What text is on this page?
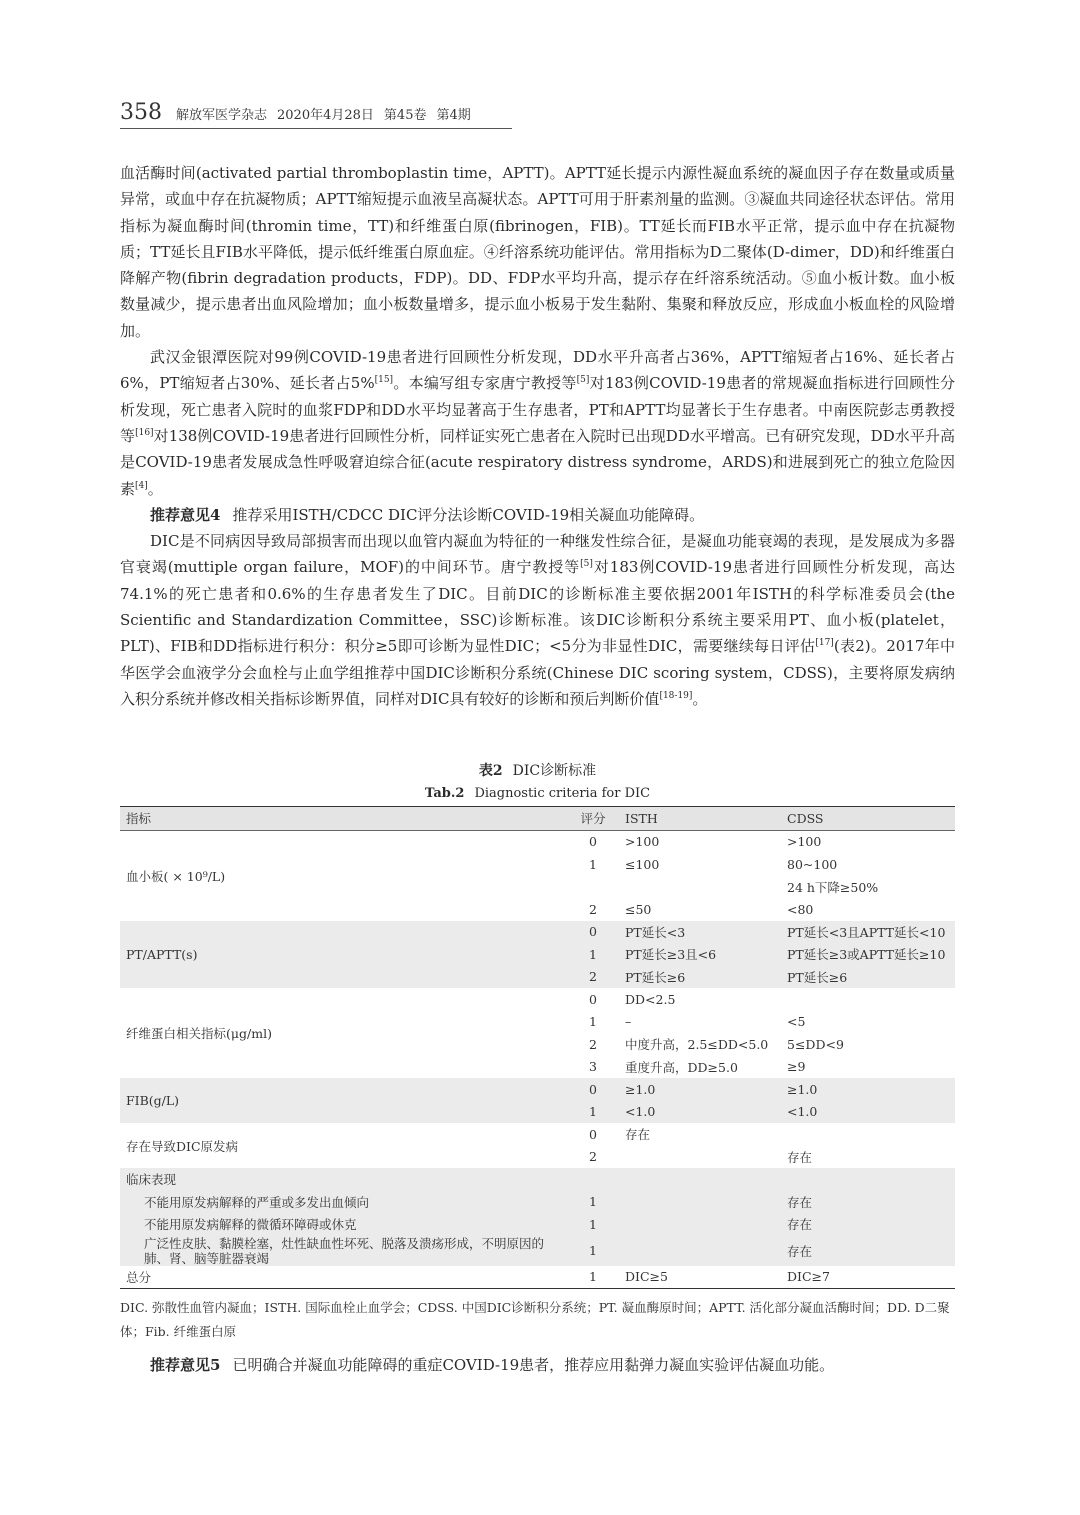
358 解放军医学杂志 2020年4月28日 第45卷 第4期

血活酶时间(activated partial thromboplastin time，APTT)。APTT延长提示内源性凝血系统的凝血因子存在数量或质量异常，或血中存在抗凝物质；APTT缩短提示血液呈高凝状态。APTT可用于肝素剂量的监测。③凝血共同途径状态评估。常用指标为凝血酶时间(thromin time，TT)和纤维蛋白原(fibrinogen，FIB)。TT延长而FIB水平正常，提示血中存在抗凝物质；TT延长且FIB水平降低，提示低纤维蛋白原血症。④纤溶系统功能评估。常用指标为D二聚体(D-dimer，DD)和纤维蛋白降解产物(fibrin degradation products，FDP)。DD、FDP水平均升高，提示存在纤溶系统活动。⑤血小板计数。血小板数量减少，提示患者出血风险增加；血小板数量增多，提示血小板易于发生黏附、集聚和释放反应，形成血小板血栓的风险增加。

武汉金银潭医院对99例COVID-19患者进行回顾性分析发现，DD水平升高者占36%，APTT缩短者占16%、延长者占6%，PT缩短者占30%、延长者占5%[15]。本编写组专家唐宁教授等[5]对183例COVID-19患者的常规凝血指标进行回顾性分析发现，死亡患者入院时的血浆FDP和DD水平均显著高于生存患者，PT和APTT均显著长于生存患者。中南医院彭志勇教授等[16]对138例COVID-19患者进行回顾性分析，同样证实死亡患者在入院时已出现DD水平增高。已有研究发现，DD水平升高是COVID-19患者发展成急性呼吸窘迫综合征(acute respiratory distress syndrome，ARDS)和进展到死亡的独立危险因素[4]。

推荐意见4 推荐采用ISTH/CDCC DIC评分法诊断COVID-19相关凝血功能障碍。

DIC是不同病因导致局部损害而出现以血管内凝血为特征的一种继发性综合征，是凝血功能衰竭的表现，是发展成为多器官衰竭(muttiple organ failure，MOF)的中间环节。唐宁教授等[5]对183例COVID-19患者进行回顾性分析发现，高达74.1%的死亡患者和0.6%的生存患者发生了DIC。目前DIC的诊断标准主要依据2001年ISTH的科学标准委员会(the Scientific and Standardization Committee，SSC)诊断标准。该DIC诊断积分系统主要采用PT、血小板(platelet，PLT)、FIB和DD指标进行积分：积分≥5即可诊断为显性DIC；<5分为非显性DIC，需要继续每日评估[17](表2)。2017年中华医学会血液学分会血栓与止血学组推荐中国DIC诊断积分系统(Chinese DIC scoring system，CDSS)，主要将原发病纳入积分系统并修改相关指标诊断界值，同样对DIC具有较好的诊断和预后判断价值[18-19]。

表2 DIC诊断标准
Tab.2 Diagnostic criteria for DIC
指标	评分	ISTH	CDSS
血小板( × 10⁹/L)	0	>100	>100
	1	≤100	80~100
			24 h下降≥50%
	2	≤50	<80
PT/APTT(s)	0	PT延长<3	PT延长<3且APTT延长<10
	1	PT延长≥3且<6	PT延长≥3或APTT延长≥10
	2	PT延长≥6	PT延长≥6
纤维蛋白相关指标(μg/ml)	0	DD<2.5	
	1	–	<5
	2	中度升高，2.5≤DD<5.0	5≤DD<9
	3	重度升高，DD≥5.0	≥9
FIB(g/L)	0	≥1.0	≥1.0
	1	<1.0	<1.0
存在导致DIC原发病	0	存在	
	2		存在
临床表现			
不能用原发病解释的严重或多发出血倾向	1		存在
不能用原发病解释的微循环障碍或休克	1		存在
广泛性皮肤、黏膜栓塞，灶性缺血性坏死、脱落及溃疡形成，不明原因的肺、肾、脑等脏器衰竭	1		存在
总分	1	DIC≥5	DIC≥7
DIC. 弥散性血管内凝血；ISTH. 国际血栓止血学会；CDSS. 中国DIC诊断积分系统；PT. 凝血酶原时间；APTT. 活化部分凝血活酶时间；DD. D二聚体；Fib. 纤维蛋白原
推荐意见5 已明确合并凝血功能障碍的重症COVID-19患者，推荐应用黏弹力凝血实验评估凝血功能。
